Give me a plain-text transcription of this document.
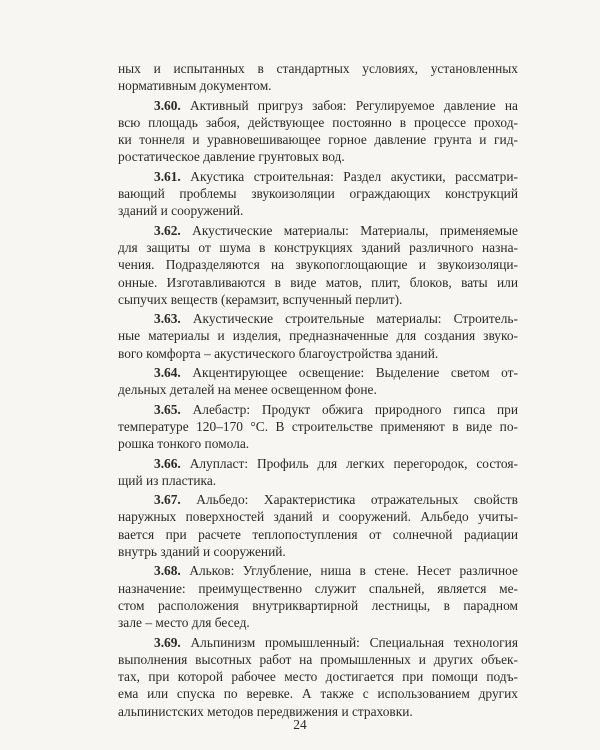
ных и испытанных в стандартных условиях, установленных
нормативным документом.
3.60. Активный пригруз забоя: Регулируемое давление на
всю площадь забоя, действующее постоянно в процессе проход-
ки тоннеля и уравновешивающее горное давление грунта и гид-
ростатическое давление грунтовых вод.
3.61. Акустика строительная: Раздел акустики, рассматри-
вающий проблемы звукоизоляции ограждающих конструкций
зданий и сооружений.
3.62. Акустические материалы: Материалы, применяемые
для защиты от шума в конструкциях зданий различного назна-
чения. Подразделяются на звукопоглощающие и звукоизоляци-
онные. Изготавливаются в виде матов, плит, блоков, ваты или
сыпучих веществ (керамзит, вспученный перлит).
3.63. Акустические строительные материалы: Строитель-
ные материалы и изделия, предназначенные для создания звуко-
вого комфорта – акустического благоустройства зданий.
3.64. Акцентирующее освещение: Выделение светом от-
дельных деталей на менее освещенном фоне.
3.65. Алебастр: Продукт обжига природного гипса при
температуре 120–170 °С. В строительстве применяют в виде по-
рошка тонкого помола.
3.66. Алупласт: Профиль для легких перегородок, состоя-
щий из пластика.
3.67. Альбедо: Характеристика отражательных свойств
наружных поверхностей зданий и сооружений. Альбедо учиты-
вается при расчете теплопоступления от солнечной радиации
внутрь зданий и сооружений.
3.68. Альков: Углубление, ниша в стене. Несет различное
назначение: преимущественно служит спальней, является ме-
стом расположения внутриквартирной лестницы, в парадном
зале – место для бесед.
3.69. Альпинизм промышленный: Специальная технология
выполнения высотных работ на промышленных и других объек-
тах, при которой рабочее место достигается при помощи подъ-
ема или спуска по веревке. А также с использованием других
альпинистских методов передвижения и страховки.
24
